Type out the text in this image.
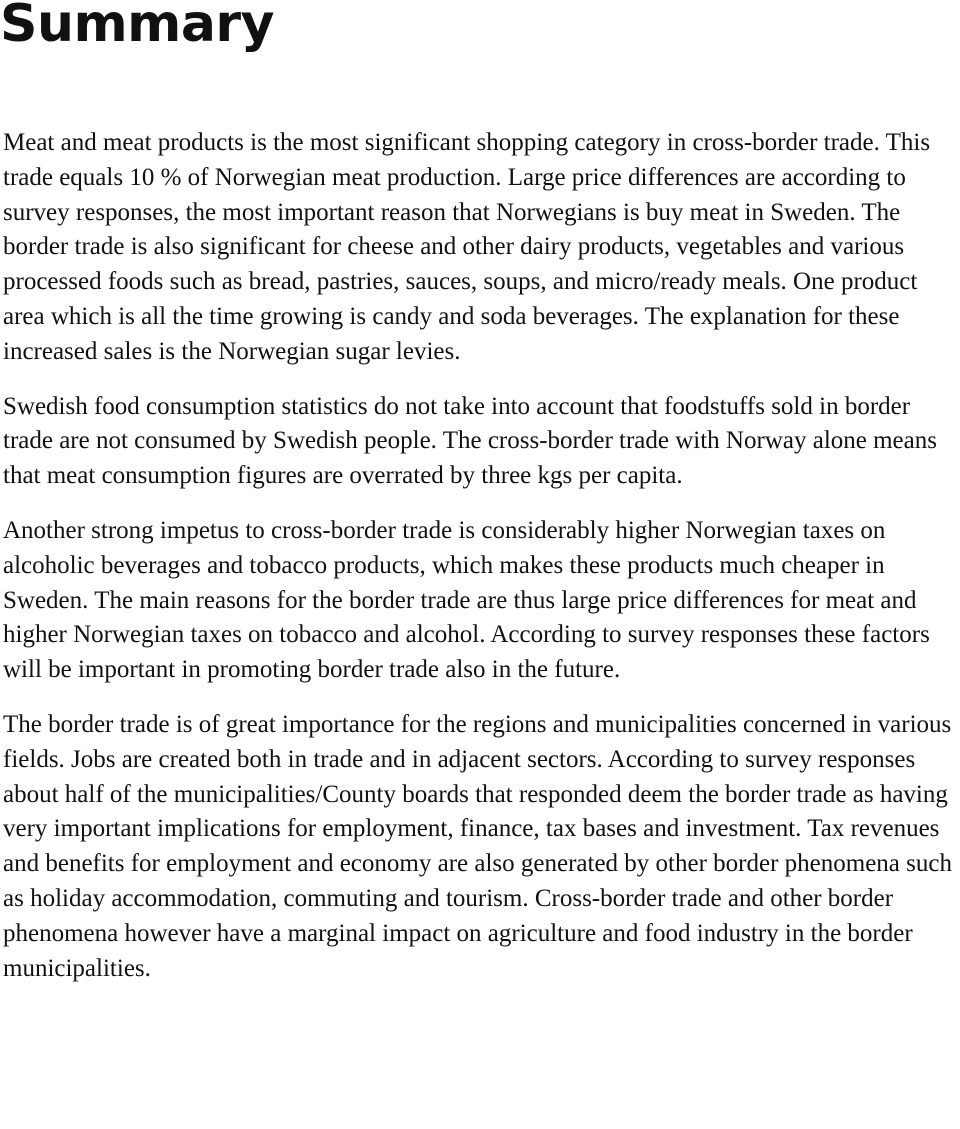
Summary

Meat and meat products is the most significant shopping category in cross-border trade. This trade equals 10 % of Norwegian meat production. Large price differences are according to survey responses, the most important reason that Norwegians is buy meat in Sweden. The border trade is also significant for cheese and other dairy products, vegetables and various processed foods such as bread, pastries, sauces, soups, and micro/ready meals. One product area which is all the time growing is candy and soda beverages. The explanation for these increased sales is the Norwegian sugar levies.

Swedish food consumption statistics do not take into account that foodstuffs sold in border trade are not consumed by Swedish people. The cross-border trade with Norway alone means that meat consumption figures are overrated by three kgs per capita.

Another strong impetus to cross-border trade is considerably higher Norwegian taxes on alcoholic beverages and tobacco products, which makes these products much cheaper in Sweden. The main reasons for the border trade are thus large price differences for meat and higher Norwegian taxes on tobacco and alcohol. According to survey responses these factors will be important in promoting border trade also in the future.

The border trade is of great importance for the regions and municipalities concerned in various fields. Jobs are created both in trade and in adjacent sectors. According to survey responses about half of the municipalities/County boards that responded deem the border trade as having very important implications for employment, finance, tax bases and investment. Tax revenues and benefits for employment and economy are also generated by other border phenomena such as holiday accommodation, commuting and tourism. Cross-border trade and other border phenomena however have a marginal impact on agriculture and food industry in the border municipalities.
